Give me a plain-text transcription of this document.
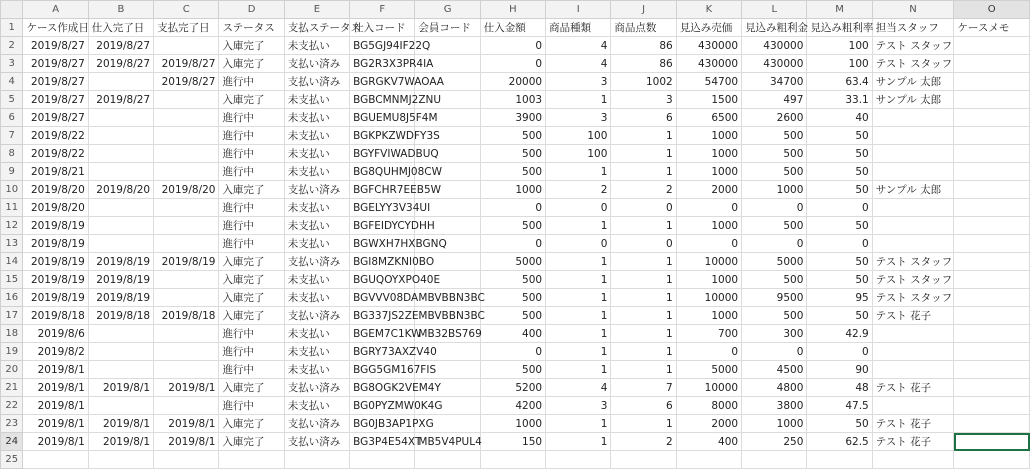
	A	B	C	D	E	F	G	H	I	J	K	L	M	N	O
1	ケース作成日	仕入完了日	支払完了日	ステータス	支払ステータス	仕入コード	会員コード	仕入金額	商品種類	商品点数	見込み売価	見込み粗利金	見込み粗利率	担当スタッフ	ケースメモ
2	2019/8/27	2019/8/27		入庫完了	未支払い	BG5GJ94IF22Q		0	4	86	430000	430000	100	テスト スタッフ	
3	2019/8/27	2019/8/27	2019/8/27	入庫完了	支払い済み	BG2R3X3PR4IA		0	4	86	430000	430000	100	テスト スタッフ	
4	2019/8/27		2019/8/27	進行中	支払い済み	BGRGKV7WAOAA		20000	3	1002	54700	34700	63.4	サンプル 太郎	
5	2019/8/27	2019/8/27		入庫完了	未支払い	BGBCMNMJ2ZNU		1003	1	3	1500	497	33.1	サンプル 太郎	
6	2019/8/27			進行中	未支払い	BGUEMU8J5F4M		3900	3	6	6500	2600	40		
7	2019/8/22			進行中	未支払い	BGKPKZWDFY3S		500	100	1	1000	500	50		
8	2019/8/22			進行中	未支払い	BGYFVIWADBUQ		500	100	1	1000	500	50		
9	2019/8/21			進行中	未支払い	BG8QUHMJ08CW		500	1	1	1000	500	50		
10	2019/8/20	2019/8/20	2019/8/20	入庫完了	支払い済み	BGFCHR7EEB5W		1000	2	2	2000	1000	50	サンプル 太郎	
11	2019/8/20			進行中	未支払い	BGELYY3V34UI		0	0	0	0	0	0		
12	2019/8/19			進行中	未支払い	BGFEIDYCYDHH		500	1	1	1000	500	50		
13	2019/8/19			進行中	未支払い	BGWXH7HXBGNQ		0	0	0	0	0	0		
14	2019/8/19	2019/8/19	2019/8/19	入庫完了	支払い済み	BGI8MZKNI0BO		5000	1	1	10000	5000	50	テスト スタッフ	
15	2019/8/19	2019/8/19		入庫完了	未支払い	BGUQOYXPO40E		500	1	1	1000	500	50	テスト スタッフ	
16	2019/8/19	2019/8/19		入庫完了	未支払い	BGVVV08DA	MBVBBN3BC	500	1	1	10000	9500	95	テスト スタッフ	
17	2019/8/18	2019/8/18	2019/8/18	入庫完了	支払い済み	BG337JS2ZE	MBVBBN3BC	500	1	1	1000	500	50	テスト 花子	
18	2019/8/6			進行中	未支払い	BGEM7C1KW	MB32BS769	400	1	1	700	300	42.9		
19	2019/8/2			進行中	未支払い	BGRY73AXZV40		0	1	1	0	0	0		
20	2019/8/1			進行中	未支払い	BGG5GM167FIS		500	1	1	5000	4500	90		
21	2019/8/1	2019/8/1	2019/8/1	入庫完了	支払い済み	BG8OGK2VEM4Y		5200	4	7	10000	4800	48	テスト 花子	
22	2019/8/1			進行中	未支払い	BG0PYZMW0K4G		4200	3	6	8000	3800	47.5		
23	2019/8/1	2019/8/1	2019/8/1	入庫完了	支払い済み	BG0JB3AP1PXG		1000	1	1	2000	1000	50	テスト 花子	
24	2019/8/1	2019/8/1	2019/8/1	入庫完了	支払い済み	BG3P4E54XT	MB5V4PUL4	150	1	2	400	250	62.5	テスト 花子	
25															
